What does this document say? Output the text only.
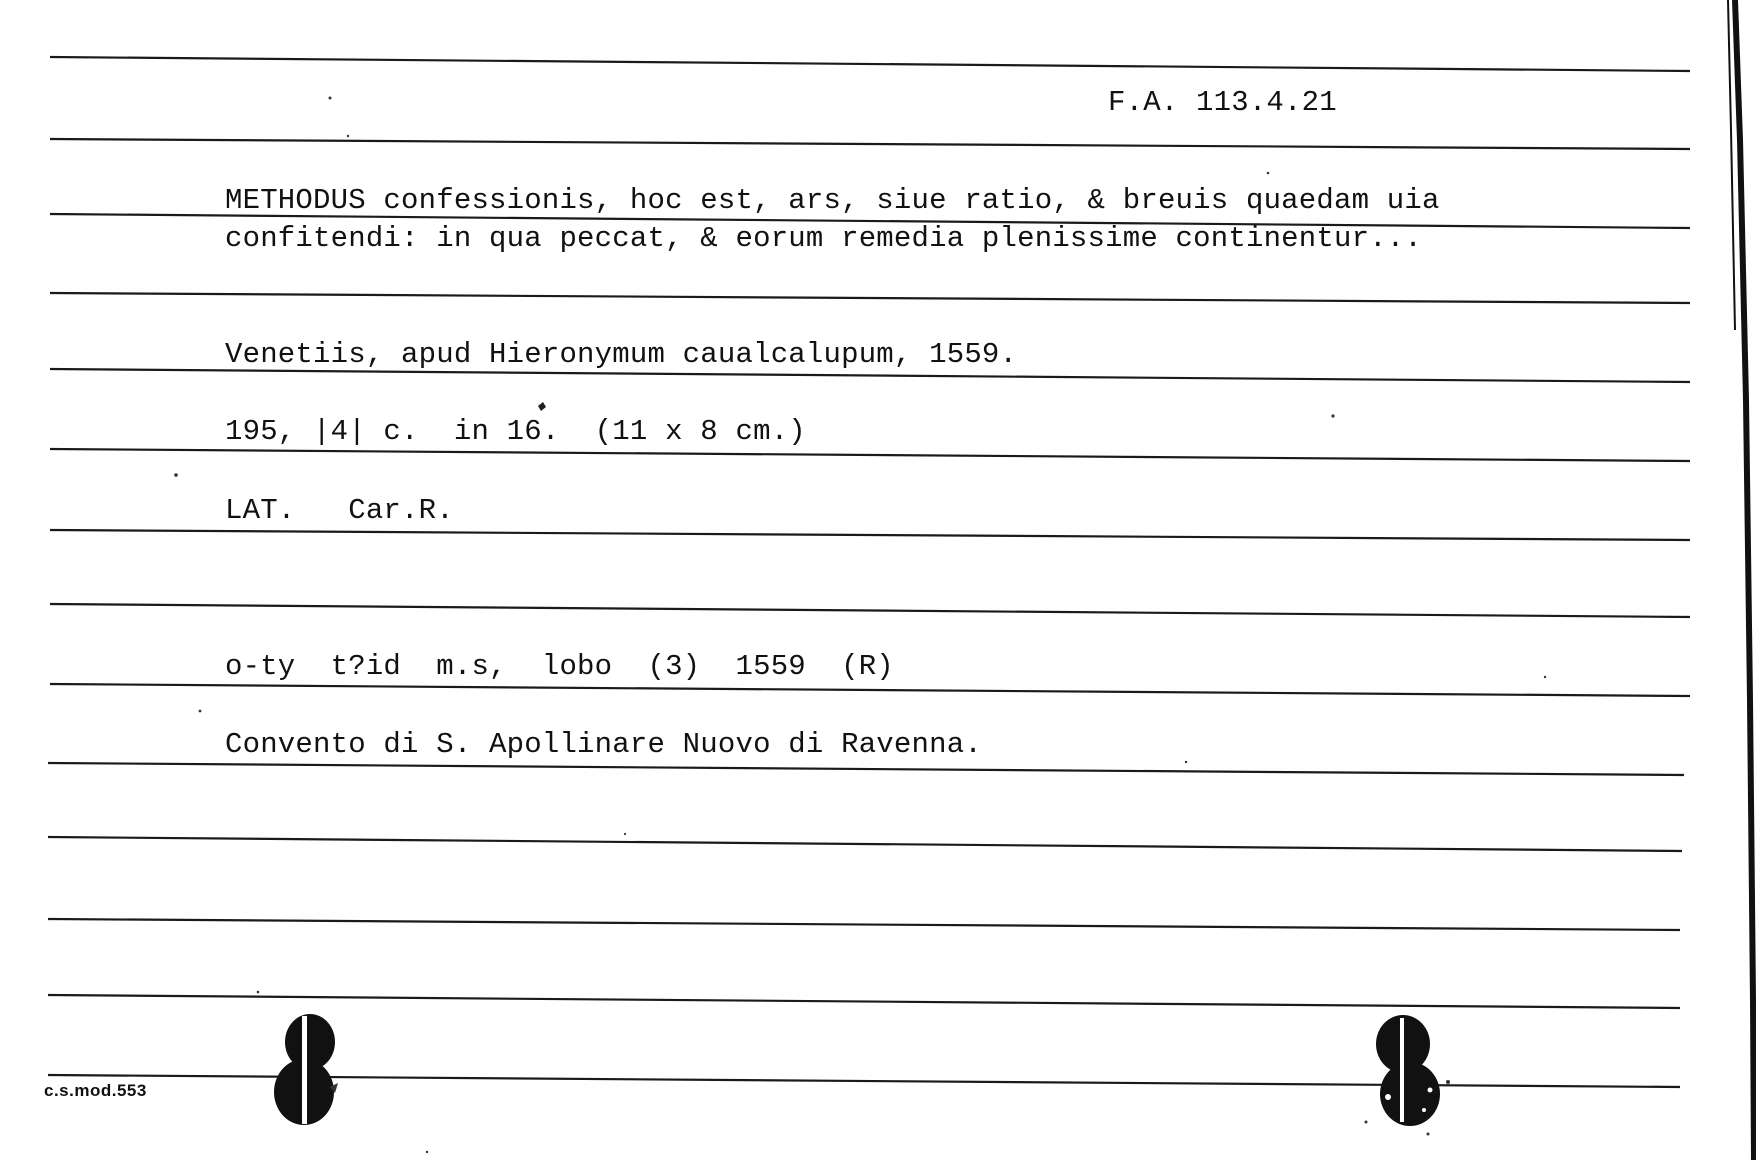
F.A. 113.4.21
METHODUS confessionis, hoc est, ars, siue ratio, & breuis quaedam uia
confitendi: in qua peccat, & eorum remedia plenissime continentur...
Venetiis, apud Hieronymum caualcalupum, 1559.
195, |4| c.  in 16.  (11 x 8 cm.)
LAT.   Car.R.
o-ty  t?id  m.s,  lobo  (3)  1559  (R)
Convento di S. Apollinare Nuovo di Ravenna.
c.s.mod.553
